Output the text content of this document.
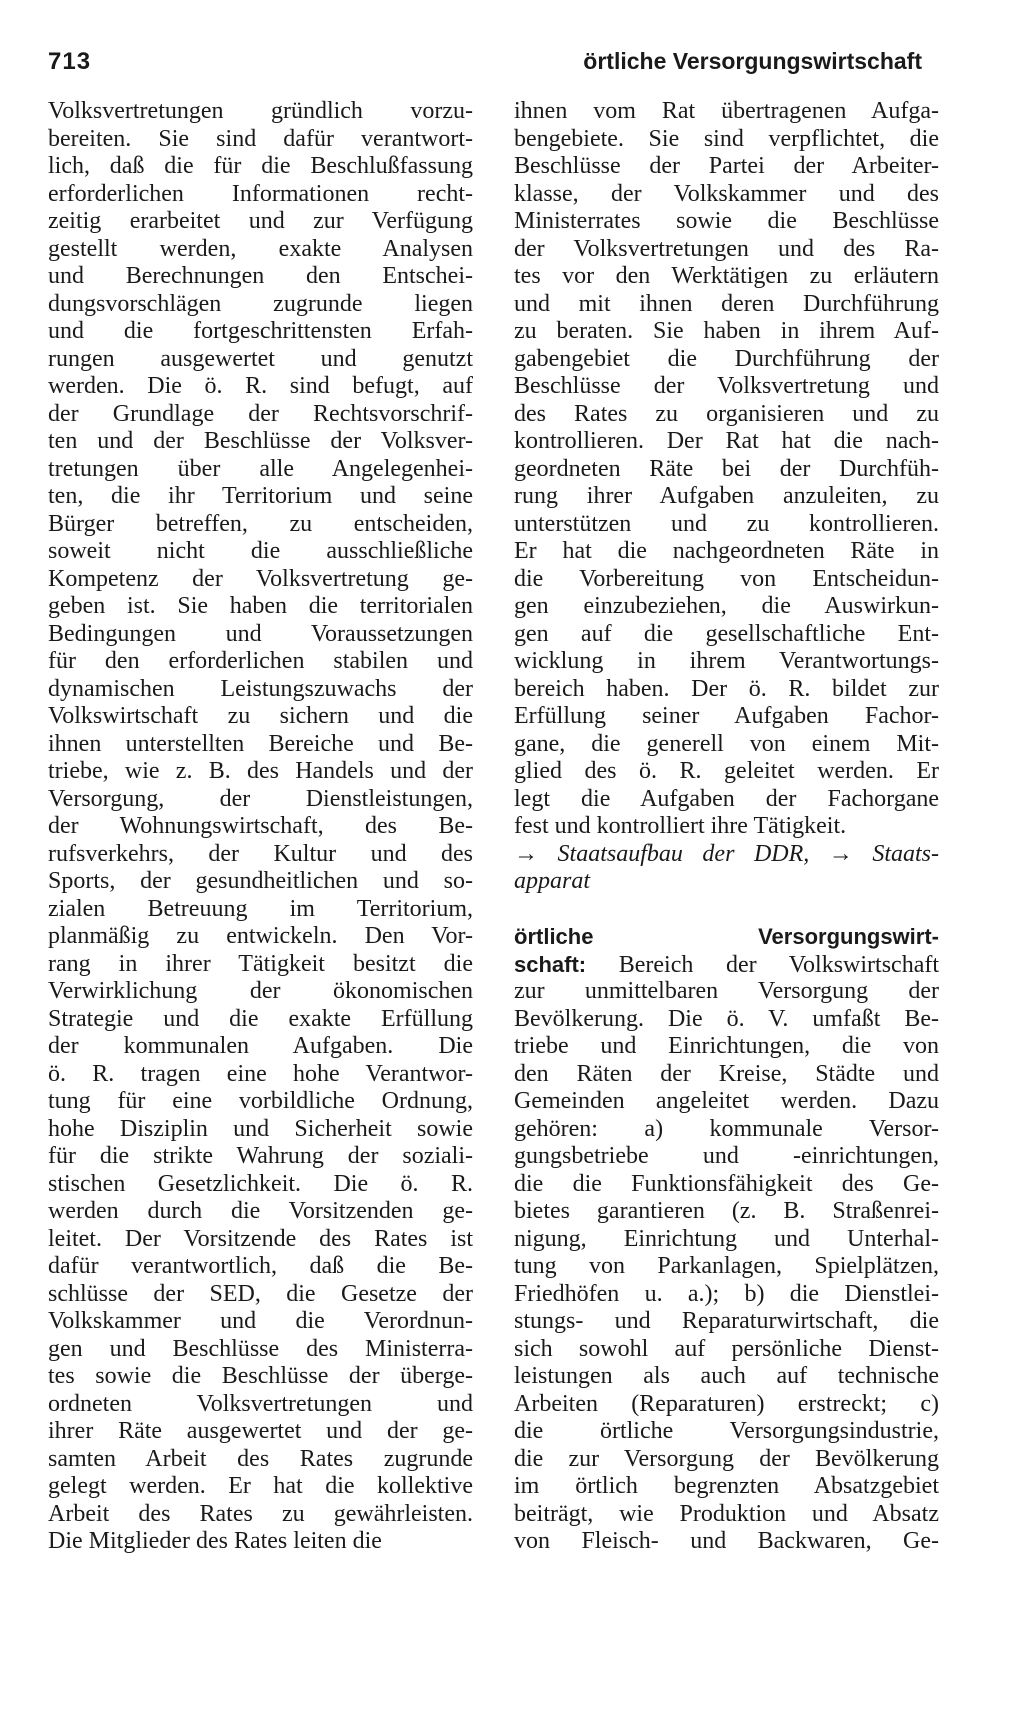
713	örtliche Versorgungswirtschaft
Volksvertretungen gründlich vorzu-
bereiten. Sie sind dafür verantwort-
lich, daß die für die Beschlußfassung
erforderlichen Informationen recht-
zeitig erarbeitet und zur Verfügung
gestellt werden, exakte Analysen
und Berechnungen den Entschei-
dungsvorschlägen zugrunde liegen
und die fortgeschrittensten Erfah-
rungen ausgewertet und genutzt
werden. Die ö. R. sind befugt, auf
der Grundlage der Rechtsvorschrif-
ten und der Beschlüsse der Volksver-
tretungen über alle Angelegenhei-
ten, die ihr Territorium und seine
Bürger betreffen, zu entscheiden,
soweit nicht die ausschließliche
Kompetenz der Volksvertretung ge-
geben ist. Sie haben die territorialen
Bedingungen und Voraussetzungen
für den erforderlichen stabilen und
dynamischen Leistungszuwachs der
Volkswirtschaft zu sichern und die
ihnen unterstellten Bereiche und Be-
triebe, wie z. B. des Handels und der
Versorgung, der Dienstleistungen,
der Wohnungswirtschaft, des Be-
rufsverkehrs, der Kultur und des
Sports, der gesundheitlichen und so-
zialen Betreuung im Territorium,
planmäßig zu entwickeln. Den Vor-
rang in ihrer Tätigkeit besitzt die
Verwirklichung der ökonomischen
Strategie und die exakte Erfüllung
der kommunalen Aufgaben. Die
ö. R. tragen eine hohe Verantwor-
tung für eine vorbildliche Ordnung,
hohe Disziplin und Sicherheit sowie
für die strikte Wahrung der soziali-
stischen Gesetzlichkeit. Die ö. R.
werden durch die Vorsitzenden ge-
leitet. Der Vorsitzende des Rates ist
dafür verantwortlich, daß die Be-
schlüsse der SED, die Gesetze der
Volkskammer und die Verordnun-
gen und Beschlüsse des Ministerra-
tes sowie die Beschlüsse der überge-
ordneten Volksvertretungen und
ihrer Räte ausgewertet und der ge-
samten Arbeit des Rates zugrunde
gelegt werden. Er hat die kollektive
Arbeit des Rates zu gewährleisten.
Die Mitglieder des Rates leiten die
ihnen vom Rat übertragenen Aufga-
bengebiete. Sie sind verpflichtet, die
Beschlüsse der Partei der Arbeiter-
klasse, der Volkskammer und des
Ministerrates sowie die Beschlüsse
der Volksvertretungen und des Ra-
tes vor den Werktätigen zu erläutern
und mit ihnen deren Durchführung
zu beraten. Sie haben in ihrem Auf-
gabengebiet die Durchführung der
Beschlüsse der Volksvertretung und
des Rates zu organisieren und zu
kontrollieren. Der Rat hat die nach-
geordneten Räte bei der Durchfüh-
rung ihrer Aufgaben anzuleiten, zu
unterstützen und zu kontrollieren.
Er hat die nachgeordneten Räte in
die Vorbereitung von Entscheidun-
gen einzubeziehen, die Auswirkun-
gen auf die gesellschaftliche Ent-
wicklung in ihrem Verantwortungs-
bereich haben. Der ö. R. bildet zur
Erfüllung seiner Aufgaben Fachor-
gane, die generell von einem Mit-
glied des ö. R. geleitet werden. Er
legt die Aufgaben der Fachorgane
fest und kontrolliert ihre Tätigkeit.
→ Staatsaufbau der DDR, → Staats-
apparat
örtliche Versorgungswirt-
schaft: Bereich der Volkswirtschaft
zur unmittelbaren Versorgung der
Bevölkerung. Die ö. V. umfaßt Be-
triebe und Einrichtungen, die von
den Räten der Kreise, Städte und
Gemeinden angeleitet werden. Dazu
gehören: a) kommunale Versor-
gungsbetriebe und -einrichtungen,
die die Funktionsfähigkeit des Ge-
bietes garantieren (z. B. Straßenrei-
nigung, Einrichtung und Unterhal-
tung von Parkanlagen, Spielplätzen,
Friedhöfen u. a.); b) die Dienstlei-
stungs- und Reparaturwirtschaft, die
sich sowohl auf persönliche Dienst-
leistungen als auch auf technische
Arbeiten (Reparaturen) erstreckt; c)
die örtliche Versorgungsindustrie,
die zur Versorgung der Bevölkerung
im örtlich begrenzten Absatzgebiet
beiträgt, wie Produktion und Absatz
von Fleisch- und Backwaren, Ge-
